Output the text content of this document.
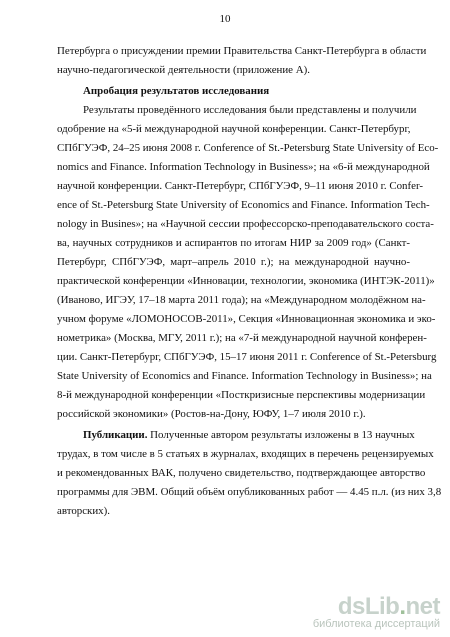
10
Петербурга о присуждении премии Правительства Санкт-Петербурга в области
научно-педагогической деятельности (приложение А).
Апробация результатов исследования
Результаты проведённого исследования были представлены и получили
одобрение на «5-й международной научной конференции. Санкт-Петербург,
СПбГУЭФ, 24–25 июня 2008 г. Conference of St.-Petersburg State University of Eco-
nomics and Finance. Information Technology in Business»; на «6-й международной
научной конференции. Санкт-Петербург, СПбГУЭФ, 9–11 июня 2010 г. Confer-
ence of St.-Petersburg State University of Economics and Finance. Information Tech-
nology in Busines»; на «Научной сессии профессорско-преподавательского соста-
ва, научных сотрудников и аспирантов по итогам НИР за 2009 год» (Санкт-
Петербург, СПбГУЭФ, март–апрель 2010 г.); на международной научно-
практической конференции «Инновации, технологии, экономика (ИНТЭК-2011)»
(Иваново, ИГЭУ, 17–18 марта 2011 года); на «Международном молодёжном на-
учном форуме «ЛОМОНОСОВ-2011», Секция «Инновационная экономика и эко-
нометрика» (Москва, МГУ, 2011 г.); на «7-й международной научной конферен-
ции. Санкт-Петербург, СПбГУЭФ, 15–17 июня 2011 г. Conference of St.-Petersburg
State University of Economics and Finance. Information Technology in Business»; на
8-й международной конференции «Посткризисные перспективы модернизации
российской экономики» (Ростов-на-Дону, ЮФУ, 1–7 июля 2010 г.).
Публикации. Полученные автором результаты изложены в 13 научных
трудах, в том числе в 5 статьях в журналах, входящих в перечень рецензируемых
и рекомендованных ВАК, получено свидетельство, подтверждающее авторство
программы для ЭВМ. Общий объём опубликованных работ — 4.45 п.л. (из них 3,8
авторских).
dsLib.net
библиотека диссертаций
